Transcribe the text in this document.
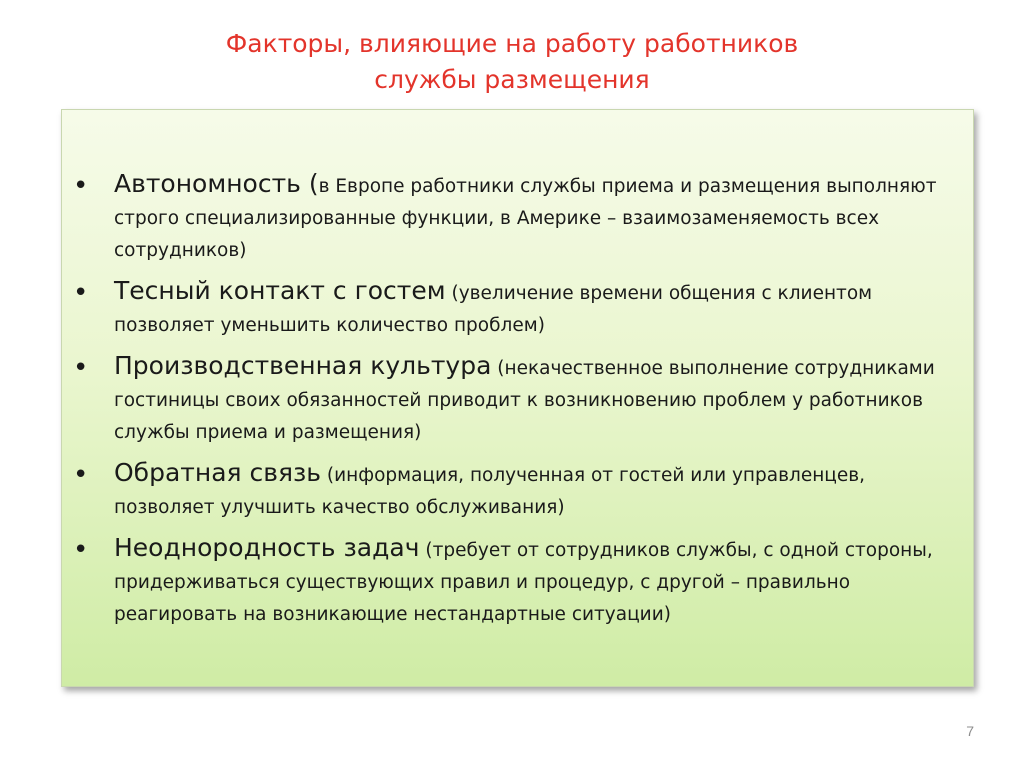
Факторы, влияющие на работу работников
службы размещения
• Автономность (в Европе работники службы приема и размещения выполняют строго специализированные функции, в Америке – взаимозаменяемость всех сотрудников)
• Тесный контакт с гостем (увеличение времени общения с клиентом позволяет уменьшить количество проблем)
• Производственная культура (некачественное выполнение сотрудниками гостиницы своих обязанностей приводит к возникновению проблем у работников службы приема и размещения)
• Обратная связь (информация, полученная от гостей или управленцев, позволяет улучшить качество обслуживания)
• Неоднородность задач (требует от сотрудников службы, с одной стороны, придерживаться существующих правил и процедур, с другой – правильно реагировать на возникающие нестандартные ситуации)
7
